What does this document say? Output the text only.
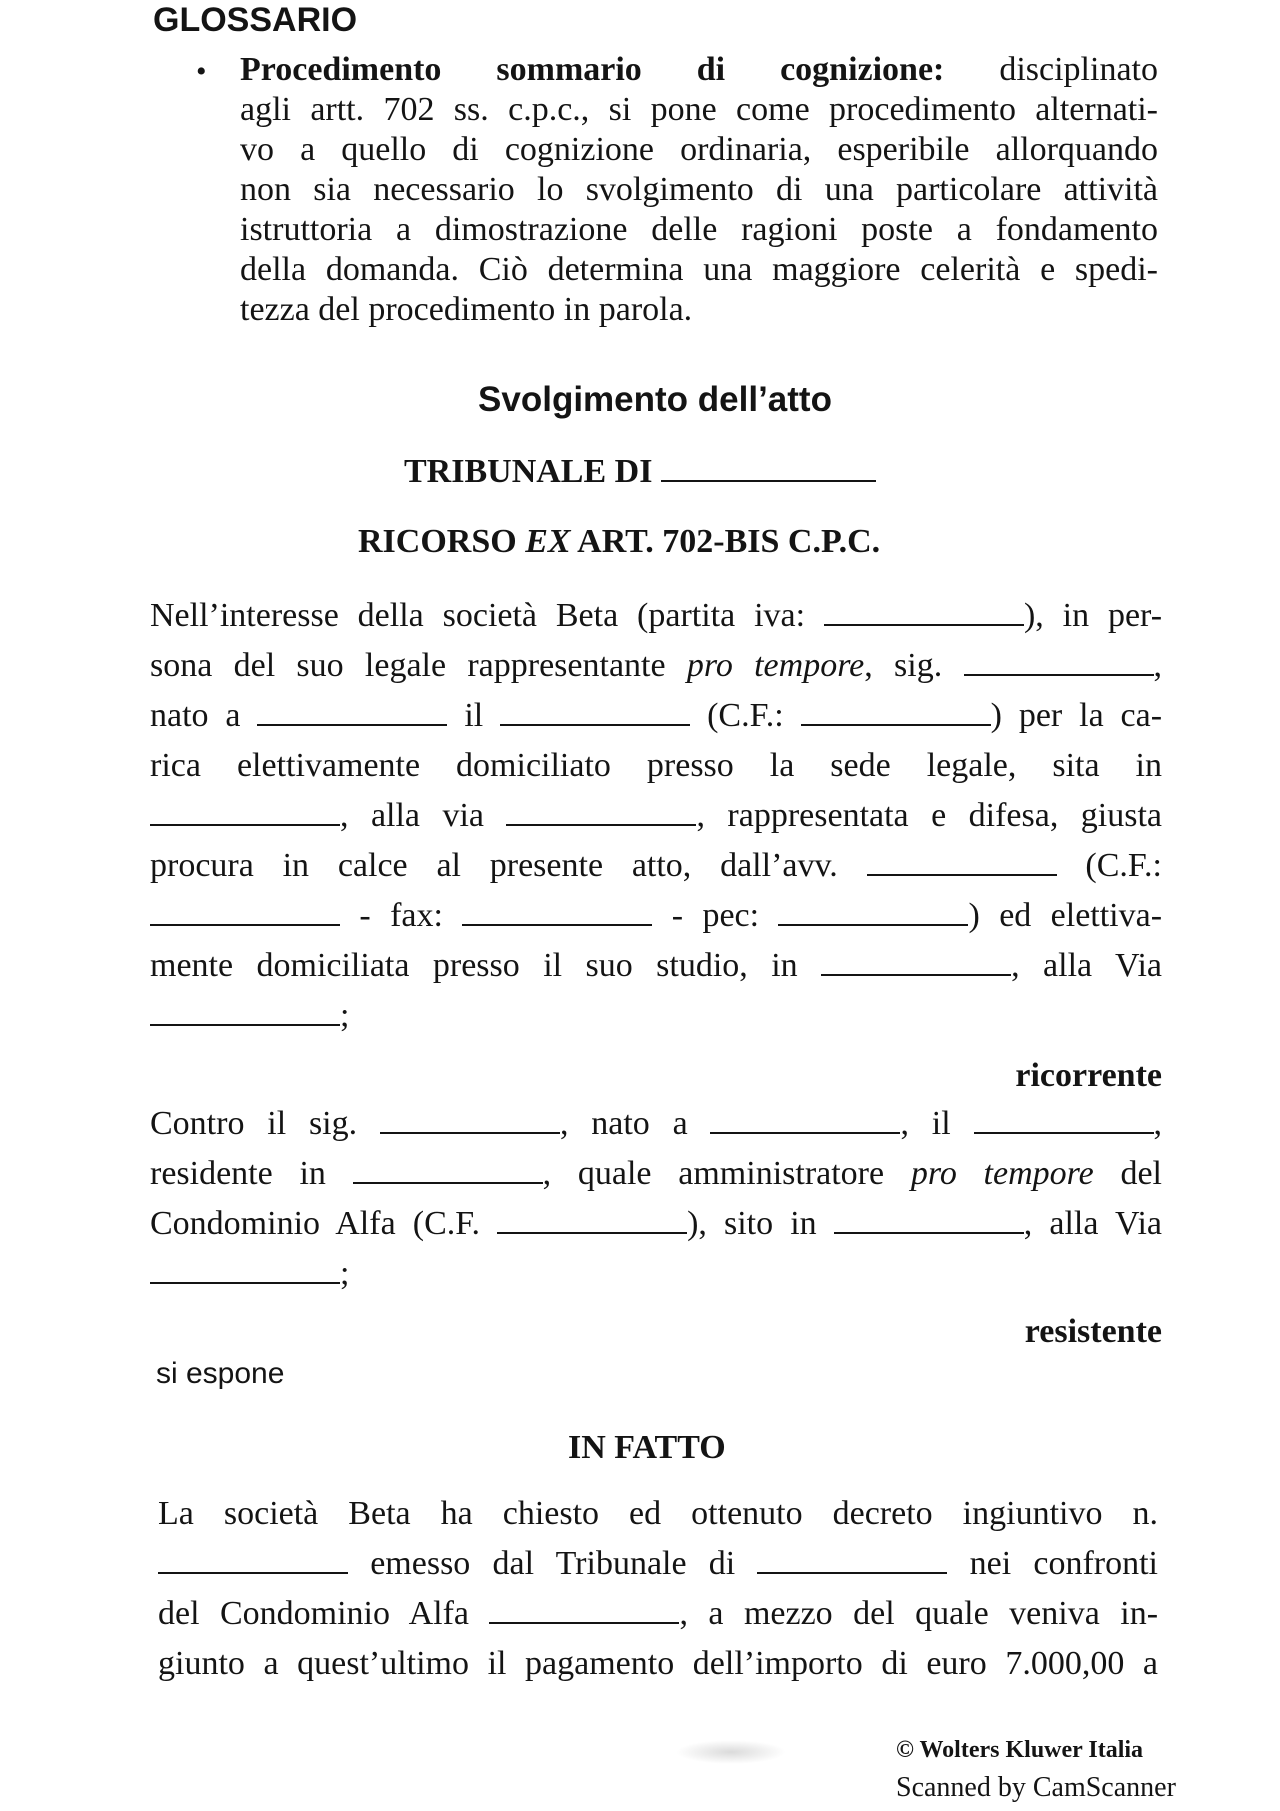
GLOSSARIO
• Procedimento sommario di cognizione: disciplinato
agli artt. 702 ss. c.p.c., si pone come procedimento alternati-
vo a quello di cognizione ordinaria, esperibile allorquando
non sia necessario lo svolgimento di una particolare attività
istruttoria a dimostrazione delle ragioni poste a fondamento
della domanda. Ciò determina una maggiore celerità e spedi-
tezza del procedimento in parola.
Svolgimento dell’atto
TRIBUNALE DI
RICORSO EX ART. 702-BIS C.P.C.
Nell’interesse della società Beta (partita iva:	), in per-
sona del suo legale rappresentante pro tempore, sig.	,
nato a	il	(C.F.:	) per la ca-
rica elettivamente domiciliato presso la sede legale, sita in
, alla via	, rappresentata e difesa, giusta
procura in calce al presente atto, dall’avv.	(C.F.:
- fax:	- pec:	) ed elettiva-
mente domiciliata presso il suo studio, in	, alla Via
;
ricorrente
Contro il sig.	, nato a	, il	,
residente in	, quale amministratore pro tempore del
Condominio Alfa (C.F.	), sito in	, alla Via
;
resistente
si espone
IN FATTO
La società Beta ha chiesto ed ottenuto decreto ingiuntivo n.
emesso dal Tribunale di	nei confronti
del Condominio Alfa	, a mezzo del quale veniva in-
giunto a quest’ultimo il pagamento dell’importo di euro 7.000,00 a
© Wolters Kluwer Italia
Scanned by CamScanner
